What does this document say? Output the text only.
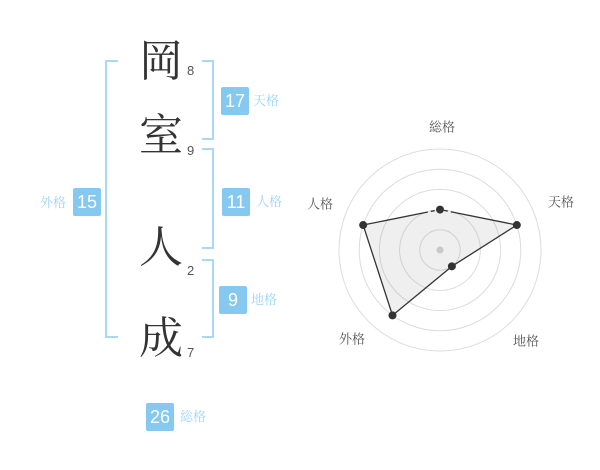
岡
室
人
成
8
9
2
7
17 天格
11 人格
9	地格
15
外格
26 総格
総格
天格
地格
外格
人格
